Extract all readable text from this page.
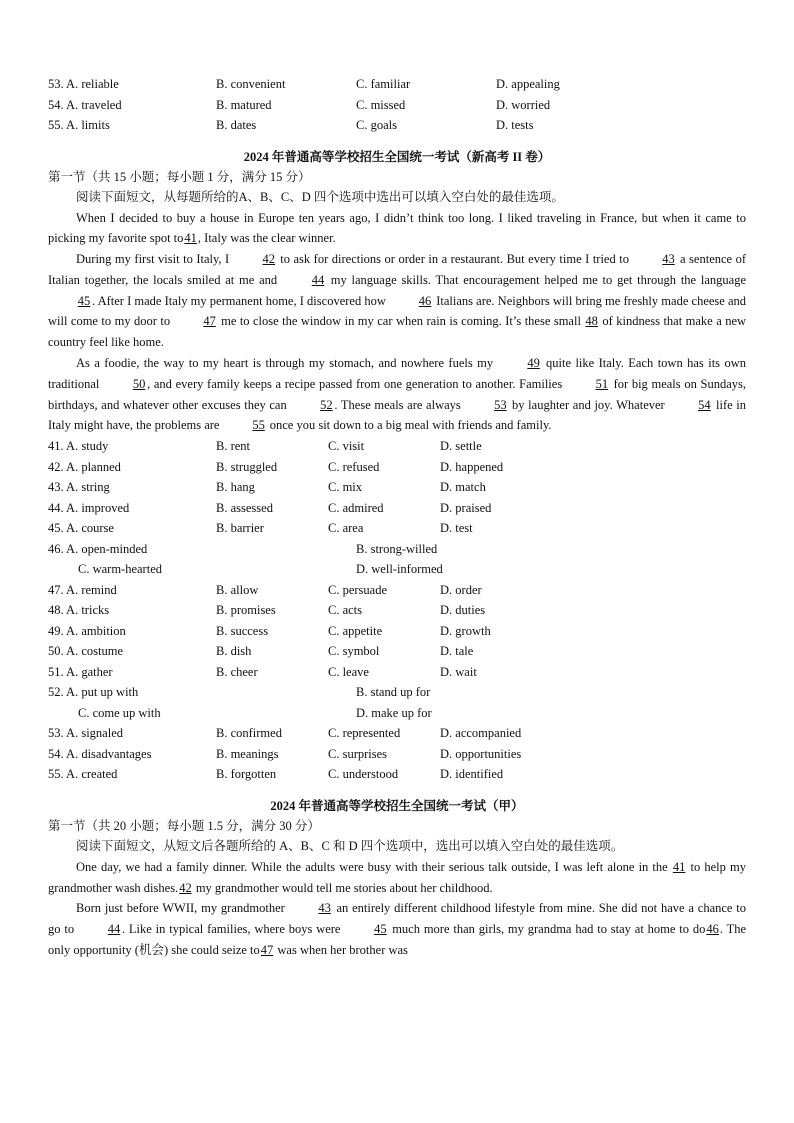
53. A. reliable	B. convenient	C. familiar	D. appealing
54. A. traveled	B. matured	C. missed	D. worried
55. A. limits	B. dates	C. goals	D. tests
2024 年普通高等学校招生全国统一考试（新高考 II 卷）
第一节（共 15 小题；每小题 1 分，满分 15 分）
阅读下面短文，从每题所给的A、B、C、D 四个选项中选出可以填入空白处的最佳选项。

When I decided to buy a house in Europe ten years ago, I didn’t think too long. I liked traveling in France, but when it came to picking my favorite spot to41, Italy was the clear winner.

During my first visit to Italy, I	42 to ask for directions or order in a restaurant. But every time I tried to	43 a sentence of Italian together, the locals smiled at me and	44 my language skills. That encouragement helped me to get through the language 45 . After I made Italy my permanent home, I discovered how	46 Italians are. Neighbors will bring me freshly made cheese and will come to my door to	47 me to close the window in my car when rain is coming. It’s these small 48 of kindness that make a new country feel like home.

As a foodie, the way to my heart is through my stomach, and nowhere fuels my	49 quite like Italy. Each town has its own traditional	50 , and every family keeps a recipe passed from one generation to another. Families	51 for big meals on Sundays, birthdays, and whatever other excuses they can	52 . These meals are always	53 by laughter and joy. Whatever	54 life in Italy might have, the problems are	55 once you sit down to a big meal with friends and family.

41. A. study	B. rent	C. visit	D. settle
42. A. planned	B. struggled	C. refused	D. happened
43. A. string	B. hang	C. mix	D. match
44. A. improved	B. assessed	C. admired	D. praised
45. A. course	B. barrier	C. area	D. test
46. A. open-minded	B. strong-willed
C. warm-hearted	D. well-informed
47. A. remind	B. allow	C. persuade	D. order
48. A. tricks	B. promises	C. acts	D. duties
49. A. ambition	B. success	C. appetite	D. growth
50. A. costume	B. dish	C. symbol	D. tale
51. A. gather	B. cheer	C. leave	D. wait
52. A. put up with	B. stand up for
C. come up with	D. make up for
53. A. signaled	B. confirmed	C. represented	D. accompanied
54. A. disadvantages	B. meanings	C. surprises	D. opportunities
55. A. created	B. forgotten	C. understood	D. identified
2024 年普通高等学校招生全国统一考试（甲）
第一节（共 20 小题；每小题 1.5 分，满分 30 分）
阅读下面短文，从短文后各题所给的 A、B、C 和 D 四个选项中，选出可以填入空白处的最佳选项。

One day, we had a family dinner. While the adults were busy with their serious talk outside, I was left alone in the 41 to help my grandmother wash dishes.42 my grandmother would tell me stories about her childhood.

Born just before WWII, my grandmother	43 an entirely different childhood lifestyle from mine. She did not have a chance to go to	44 . Like in typical families, where boys were	45 much more than girls, my grandma had to stay at home to do46. The only opportunity (机会) she could seize to47 was when her brother was
